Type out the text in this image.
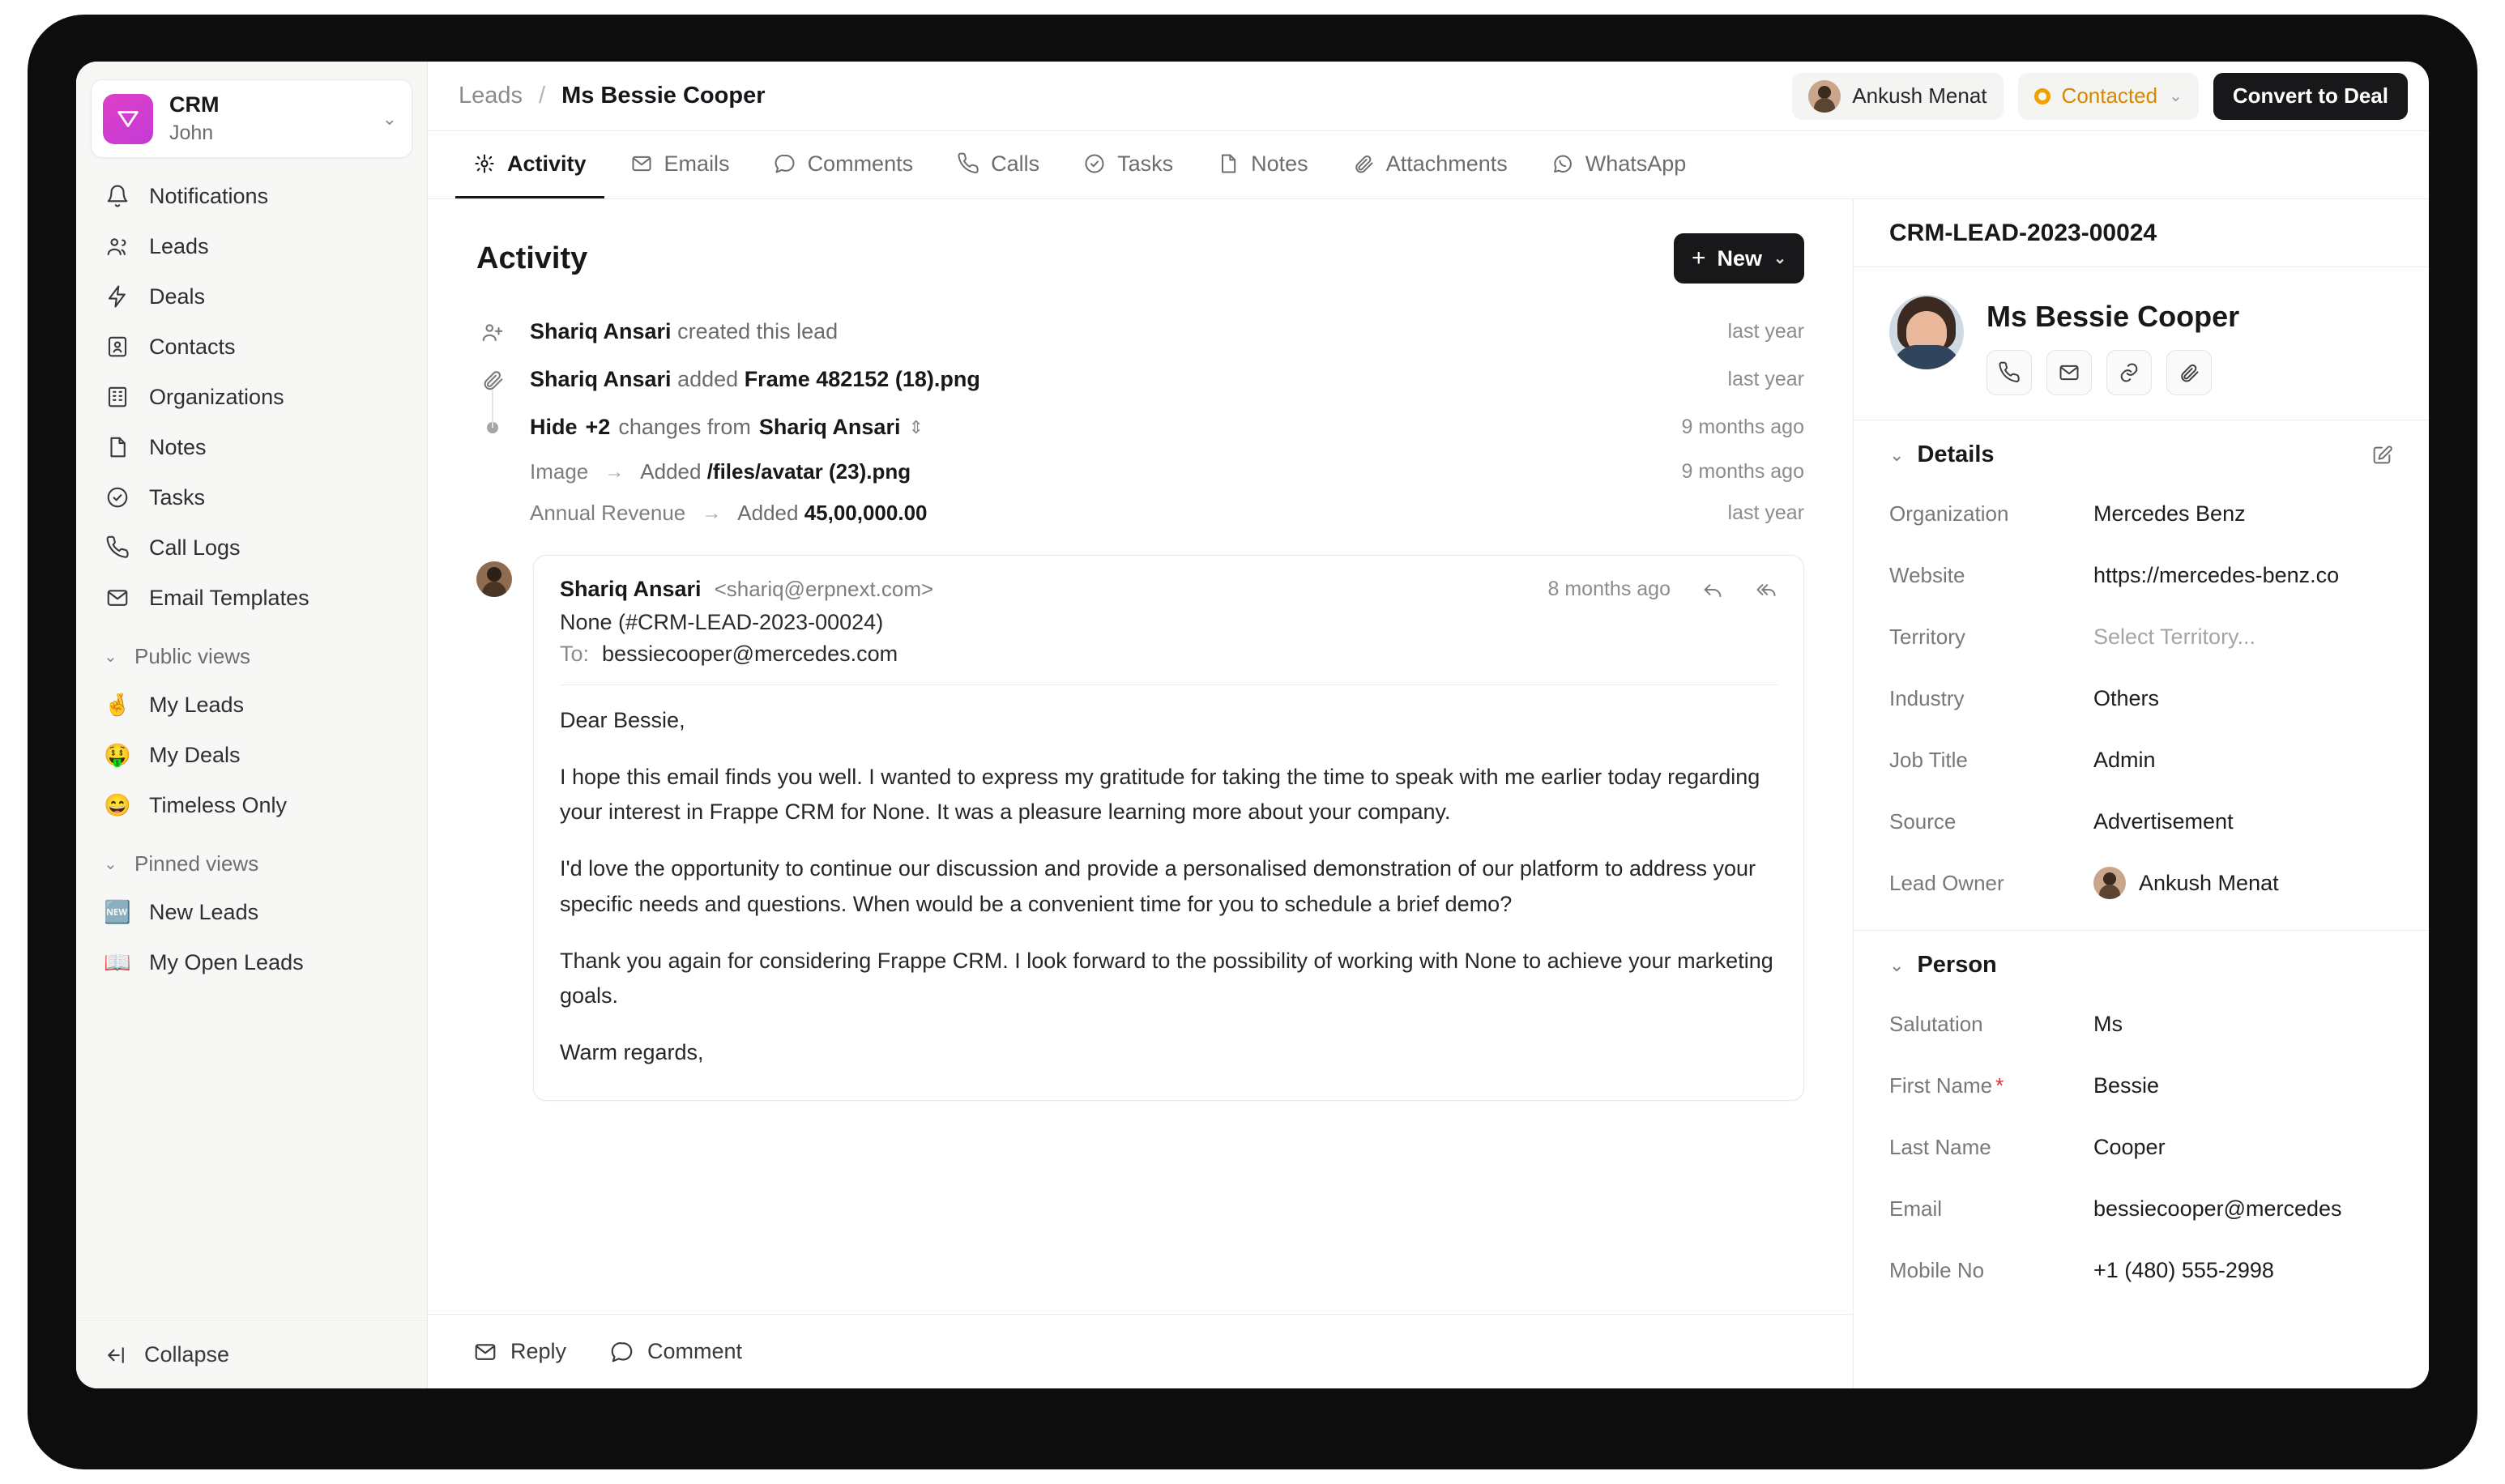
CRM
John
⌄
Notifications
Leads
Deals
Contacts
Organizations
Notes
Tasks
Call Logs
Email Templates
⌄ Public views
🤞 My Leads
🤑 My Deals
😄 Timeless Only
⌄ Pinned views
🆕 New Leads
📖 My Open Leads
Collapse
Leads / Ms Bessie Cooper	Ankush Menat	Contacted ⌄	Convert to Deal
Activity	Emails	Comments	Calls	Tasks	Notes	Attachments	WhatsApp
Activity	+ New ⌄
Shariq Ansari created this lead	last year
Shariq Ansari added Frame 482152 (18).png	last year
Hide +2 changes from Shariq Ansari ⇕	9 months ago
Image → Added /files/avatar (23).png	9 months ago
Annual Revenue → Added 45,00,000.00	last year
Shariq Ansari <shariq@erpnext.com>	8 months ago
None (#CRM-LEAD-2023-00024)
To: bessiecooper@mercedes.com

Dear Bessie,

I hope this email finds you well. I wanted to express my gratitude for taking the time to speak with me earlier today regarding your interest in Frappe CRM for None. It was a pleasure learning more about your company.

I'd love the opportunity to continue our discussion and provide a personalised demonstration of our platform to address your specific needs and questions. When would be a convenient time for you to schedule a brief demo?

Thank you again for considering Frappe CRM. I look forward to the possibility of working with None to achieve your marketing goals.

Warm regards,

Reply	Comment
CRM-LEAD-2023-00024
Ms Bessie Cooper
⌄ Details
Organization	Mercedes Benz
Website	https://mercedes-benz.co
Territory	Select Territory...
Industry	Others
Job Title	Admin
Source	Advertisement
Lead Owner	Ankush Menat
⌄ Person
Salutation	Ms
First Name *	Bessie
Last Name	Cooper
Email	bessiecooper@mercedes
Mobile No	+1 (480) 555-2998
